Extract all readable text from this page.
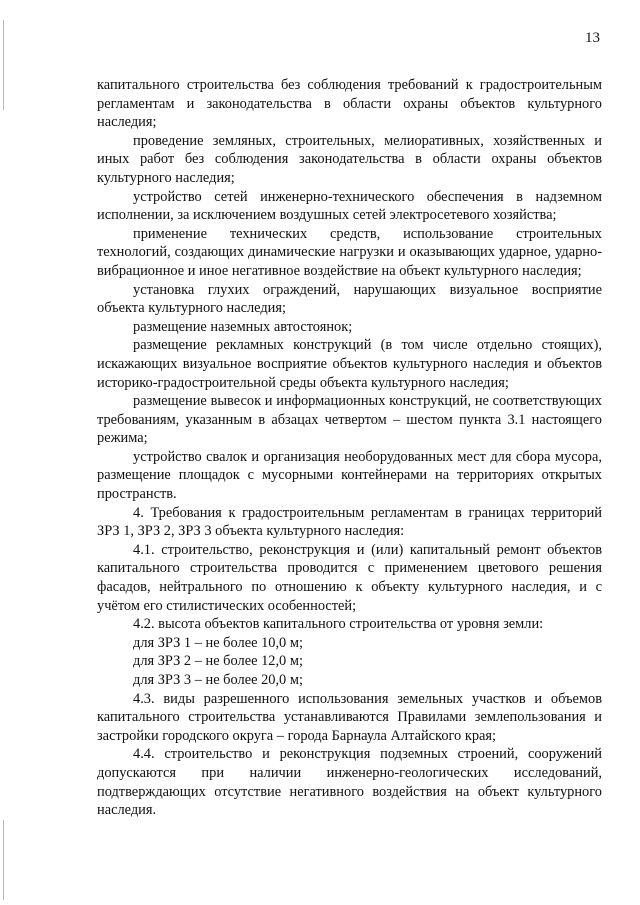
13

капитального строительства без соблюдения требований к градостроительным регламентам и законодательства в области охраны объектов культурного наследия;

проведение земляных, строительных, мелиоративных, хозяйственных и иных работ без соблюдения законодательства в области охраны объектов культурного наследия;

устройство сетей инженерно-технического обеспечения в надземном исполнении, за исключением воздушных сетей электросетевого хозяйства;

применение технических средств, использование строительных технологий, создающих динамические нагрузки и оказывающих ударное, ударно-вибрационное и иное негативное воздействие на объект культурного наследия;

установка глухих ограждений, нарушающих визуальное восприятие объекта культурного наследия;

размещение наземных автостоянок;

размещение рекламных конструкций (в том числе отдельно стоящих), искажающих визуальное восприятие объектов культурного наследия и объектов историко-градостроительной среды объекта культурного наследия;

размещение вывесок и информационных конструкций, не соответствующих требованиям, указанным в абзацах четвертом – шестом пункта 3.1 настоящего режима;

устройство свалок и организация необорудованных мест для сбора мусора, размещение площадок с мусорными контейнерами на территориях открытых пространств.

4. Требования к градостроительным регламентам в границах территорий ЗРЗ 1, ЗРЗ 2, ЗРЗ 3 объекта культурного наследия:

4.1. строительство, реконструкция и (или) капитальный ремонт объектов капитального строительства проводится с применением цветового решения фасадов, нейтрального по отношению к объекту культурного наследия, и с учётом его стилистических особенностей;

4.2. высота объектов капитального строительства от уровня земли:

для ЗРЗ 1 – не более 10,0 м;

для ЗРЗ 2 – не более 12,0 м;

для ЗРЗ 3 – не более 20,0 м;

4.3. виды разрешенного использования земельных участков и объемов капитального строительства устанавливаются Правилами землепользования и застройки городского округа – города Барнаула Алтайского края;

4.4. строительство и реконструкция подземных строений, сооружений допускаются при наличии инженерно-геологических исследований, подтверждающих отсутствие негативного воздействия на объект культурного наследия.
